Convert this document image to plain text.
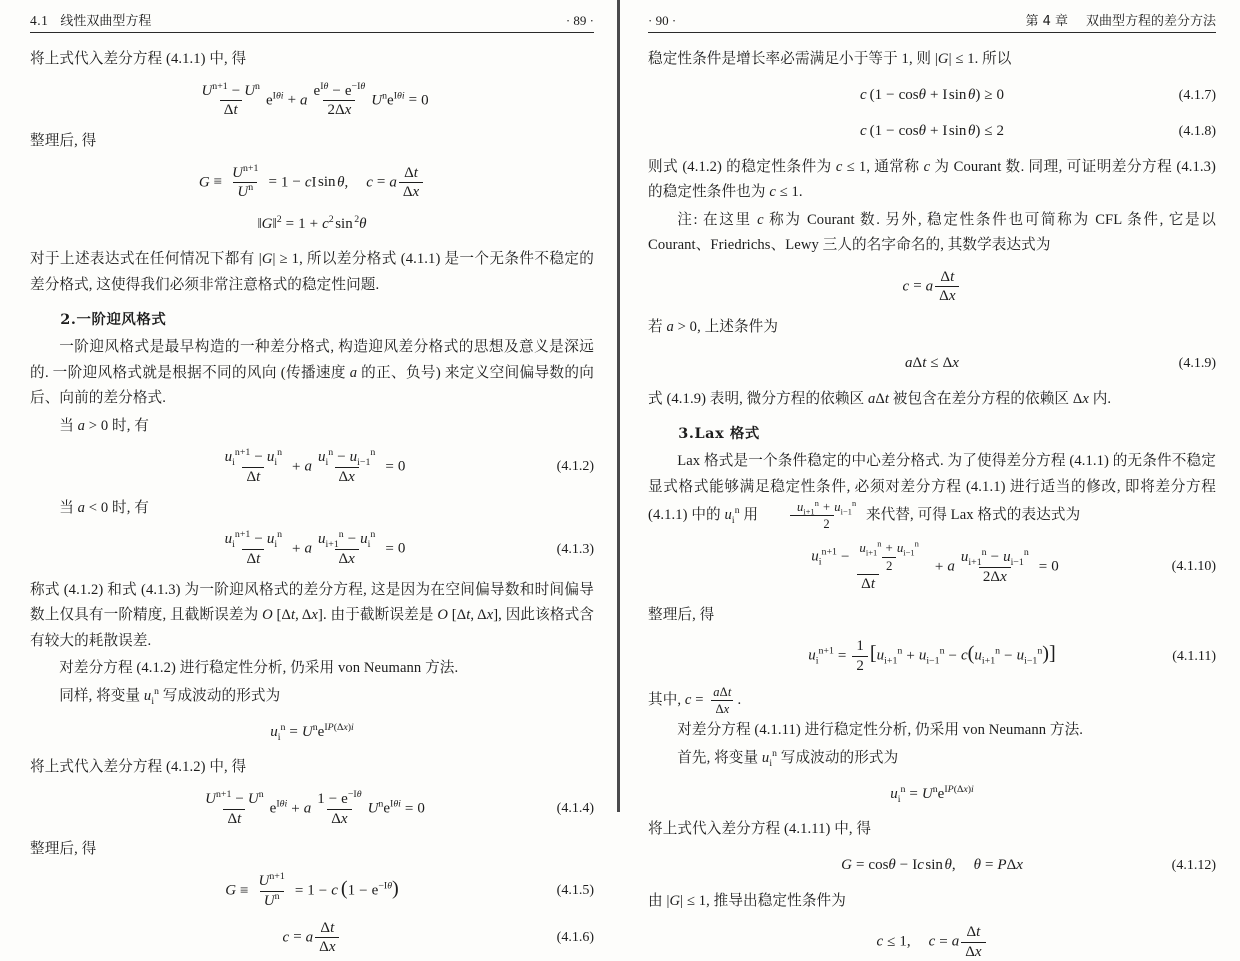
4.1 线性双曲型方程	· 89 ·

将上式代入差分方程 (4.1.1) 中, 得

$\frac{U^{n+1} - U^n}{\Delta t} e^{I\theta i} + a \frac{e^{I\theta} - e^{-I\theta}}{2\Delta x} U^ne^{I\theta i} = 0$

整理后, 得

$G \equiv \frac{U^{n+1}}{U^n} = 1$ − cI sin θ, c = a $\frac{\Delta t}{\Delta x}$
‖G‖$^2$ = $1 + c^2$ sin $^2$θ

对于上述表达式在任何情况下都有 |G| ≥ 1, 所以差分格式 (4.1.1) 是一个无条件不稳定的差分格式, 这使得我们必须非常注意格式的稳定性问题.

2.一阶迎风格式

一阶迎风格式是最早构造的一种差分格式, 构造迎风差分格式的思想及意义是深远的. 一阶迎风格式就是根据不同的风向 (传播速度 a 的正、负号) 来定义空间偏导数的向后、向前的差分格式.

当 a > 0 时, 有

$\frac{u_i^{n+1} - u_i^n}{\Delta t} + a \frac{u_i^n - u_{i-1}^n}{\Delta x} = 0$	(4.1.2)

当 a < 0 时, 有

$\frac{u_i^{n+1} - u_i^n}{\Delta t} + a \frac{u_{i+1}^n - u_i^n}{\Delta x} = 0$	(4.1.3)

称式 (4.1.2) 和式 (4.1.3) 为一阶迎风格式的差分方程, 这是因为在空间偏导数和时间偏导数上仅具有一阶精度, 且截断误差为 O [Δt, Δx]. 由于截断误差是 O [Δt, Δx], 因此该格式含有较大的耗散误差.

对差分方程 (4.1.2) 进行稳定性分析, 仍采用 von Neumann 方法.

同样, 将变量 $u_i^n$ 写成波动的形式为

$u_i^n = U^ne^{IP(\Delta x)i}$

将上式代入差分方程 (4.1.2) 中, 得

$\frac{U^{n+1} - U^n}{\Delta t} e^{I\theta i} + a \frac{1 - e^{-I\theta}}{\Delta x} U^ne^{I\theta i} = 0$	(4.1.4)

整理后, 得

$G \equiv \frac{U^{n+1}}{U^n} = 1 - c$ $(1 - e^{-I\theta})$	(4.1.5)
c = a $\frac{\Delta t}{\Delta x}$	(4.1.6)
· 90 ·	第 4 章 双曲型方程的差分方法

稳定性条件是增长率必需满足小于等于 1, 则 |G| ≤ 1. 所以

c (1 − cosθ + I sin θ) ≥ 0	(4.1.7)
c (1 − cosθ + I sin θ) ≤ 2	(4.1.8)

则式 (4.1.2) 的稳定性条件为 c ≤ 1, 通常称 c 为 Courant 数. 同理, 可证明差分方程 (4.1.3) 的稳定性条件也为 c ≤ 1.

注: 在这里 c 称为 Courant 数. 另外, 稳定性条件也可简称为 CFL 条件, 它是以 Courant、Friedrichs、Lewy 三人的名字命名的, 其数学表达式为

c = a $\frac{\Delta t}{\Delta x}$

若 a > 0, 上述条件为

aΔt ≤ Δx	(4.1.9)

式 (4.1.9) 表明, 微分方程的依赖区 aΔt 被包含在差分方程的依赖区 Δx 内.

3.Lax 格式

Lax 格式是一个条件稳定的中心差分格式. 为了使得差分方程 (4.1.1) 的无条件不稳定显式格式能够满足稳定性条件, 必须对差分方程 (4.1.1) 进行适当的修改, 即将差分方程 (4.1.1) 中的 $u_i^n$ 用 $\frac{u_{i+1}^n + u_{i-1}^n}{2}$ 来代替, 可得 Lax 格式的表达式为

$\frac{u_i^{n+1} - \frac{u_{i+1}^n + u_{i-1}^n}{2}}{\Delta t} + a \frac{u_{i+1}^n - u_{i-1}^n}{2\Delta x} = 0$	(4.1.10)

整理后, 得

$u_i^{n+1} = \frac{1}{2} [u_{i+1}^n + u_{i-1}^n - c(u_{i+1}^n - u_{i-1}^n)]$	(4.1.11)

其中, $c = \frac{\text{aΔt}}{\Delta x}$ .

对差分方程 (4.1.11) 进行稳定性分析, 仍采用 von Neumann 方法.

首先, 将变量 $u_i^n$ 写成波动的形式为

$u_i^n = U^ne^{IP(\Delta x)i}$

将上式代入差分方程 (4.1.11) 中, 得

G = cosθ − Ic sin θ, θ = PΔx	(4.1.12)

由 |G| ≤ 1, 推导出稳定性条件为

c ≤ 1, c = a $\frac{\Delta t}{\Delta x}$
